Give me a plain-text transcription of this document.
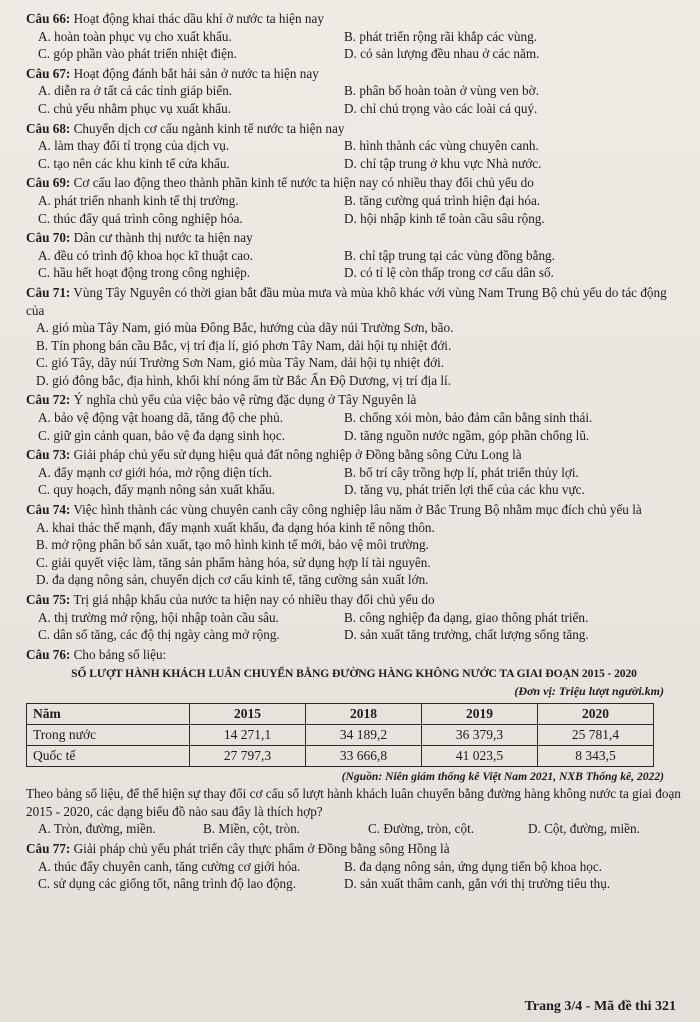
Câu 66: Hoạt động khai thác dầu khí ở nước ta hiện nay
A. hoàn toàn phục vụ cho xuất khẩu.	B. phát triển rộng rãi khắp các vùng.
C. góp phần vào phát triển nhiệt điện.	D. có sản lượng đều nhau ở các năm.
Câu 67: Hoạt động đánh bắt hải sản ở nước ta hiện nay
A. diễn ra ở tất cả các tỉnh giáp biển.	B. phân bố hoàn toàn ở vùng ven bờ.
C. chủ yếu nhằm phục vụ xuất khẩu.	D. chỉ chú trọng vào các loài cá quý.
Câu 68: Chuyển dịch cơ cấu ngành kinh tế nước ta hiện nay
A. làm thay đổi tỉ trọng của dịch vụ.	B. hình thành các vùng chuyên canh.
C. tạo nên các khu kinh tế cửa khẩu.	D. chỉ tập trung ở khu vực Nhà nước.
Câu 69: Cơ cấu lao động theo thành phần kinh tế nước ta hiện nay có nhiều thay đổi chủ yếu do
A. phát triển nhanh kinh tế thị trường.	B. tăng cường quá trình hiện đại hóa.
C. thúc đẩy quá trình công nghiệp hóa.	D. hội nhập kinh tế toàn cầu sâu rộng.
Câu 70: Dân cư thành thị nước ta hiện nay
A. đều có trình độ khoa học kĩ thuật cao.	B. chỉ tập trung tại các vùng đồng bằng.
C. hầu hết hoạt động trong công nghiệp.	D. có tỉ lệ còn thấp trong cơ cấu dân số.
Câu 71: Vùng Tây Nguyên có thời gian bắt đầu mùa mưa và mùa khô khác với vùng Nam Trung Bộ chủ yếu do tác động của
A. gió mùa Tây Nam, gió mùa Đông Bắc, hướng của dãy núi Trường Sơn, bão.
B. Tín phong bán cầu Bắc, vị trí địa lí, gió phơn Tây Nam, dải hội tụ nhiệt đới.
C. gió Tây, dãy núi Trường Sơn Nam, gió mùa Tây Nam, dải hội tụ nhiệt đới.
D. gió đông bắc, địa hình, khối khí nóng ẩm từ Bắc Ấn Độ Dương, vị trí địa lí.
Câu 72: Ý nghĩa chủ yếu của việc bảo vệ rừng đặc dụng ở Tây Nguyên là
A. bảo vệ động vật hoang dã, tăng độ che phủ.	B. chống xói mòn, bảo đảm cân bằng sinh thái.
C. giữ gìn cảnh quan, bảo vệ đa dạng sinh học.	D. tăng nguồn nước ngầm, góp phần chống lũ.
Câu 73: Giải pháp chủ yếu sử dụng hiệu quả đất nông nghiệp ở Đồng bằng sông Cửu Long là
A. đẩy mạnh cơ giới hóa, mở rộng diện tích.	B. bố trí cây trồng hợp lí, phát triển thủy lợi.
C. quy hoạch, đẩy mạnh nông sản xuất khẩu.	D. tăng vụ, phát triển lợi thế của các khu vực.
Câu 74: Việc hình thành các vùng chuyên canh cây công nghiệp lâu năm ở Bắc Trung Bộ nhằm mục đích chủ yếu là
A. khai thác thế mạnh, đẩy mạnh xuất khẩu, đa dạng hóa kinh tế nông thôn.
B. mở rộng phân bố sản xuất, tạo mô hình kinh tế mới, bảo vệ môi trường.
C. giải quyết việc làm, tăng sản phẩm hàng hóa, sử dụng hợp lí tài nguyên.
D. đa dạng nông sản, chuyển dịch cơ cấu kinh tế, tăng cường sản xuất lớn.
Câu 75: Trị giá nhập khẩu của nước ta hiện nay có nhiều thay đổi chủ yếu do
A. thị trường mở rộng, hội nhập toàn cầu sâu.	B. công nghiệp đa dạng, giao thông phát triển.
C. dân số tăng, các độ thị ngày càng mở rộng.	D. sản xuất tăng trưởng, chất lượng sống tăng.
Câu 76: Cho bảng số liệu:
SỐ LƯỢT HÀNH KHÁCH LUÂN CHUYỂN BẰNG ĐƯỜNG HÀNG KHÔNG NƯỚC TA GIAI ĐOẠN 2015 - 2020
(Đơn vị: Triệu lượt người.km)
Năm	2015	2018	2019	2020
Trong nước	14 271,1	34 189,2	36 379,3	25 781,4
Quốc tế	27 797,3	33 666,8	41 023,5	8 343,5
(Nguồn: Niên giám thống kê Việt Nam 2021, NXB Thống kê, 2022)
Theo bảng số liệu, để thể hiện sự thay đổi cơ cấu số lượt hành khách luân chuyển bằng đường hàng không nước ta giai đoạn 2015 - 2020, các dạng biểu đồ nào sau đây là thích hợp?
A. Tròn, đường, miền.	B. Miền, cột, tròn.	C. Đường, tròn, cột.	D. Cột, đường, miền.
Câu 77: Giải pháp chủ yếu phát triển cây thực phẩm ở Đồng bằng sông Hồng là
A. thúc đẩy chuyên canh, tăng cường cơ giới hóa.	B. đa dạng nông sản, ứng dụng tiến bộ khoa học.
C. sử dụng các giống tốt, nâng trình độ lao động.	D. sản xuất thâm canh, gắn với thị trường tiêu thụ.
Trang 3/4 - Mã đề thi 321
